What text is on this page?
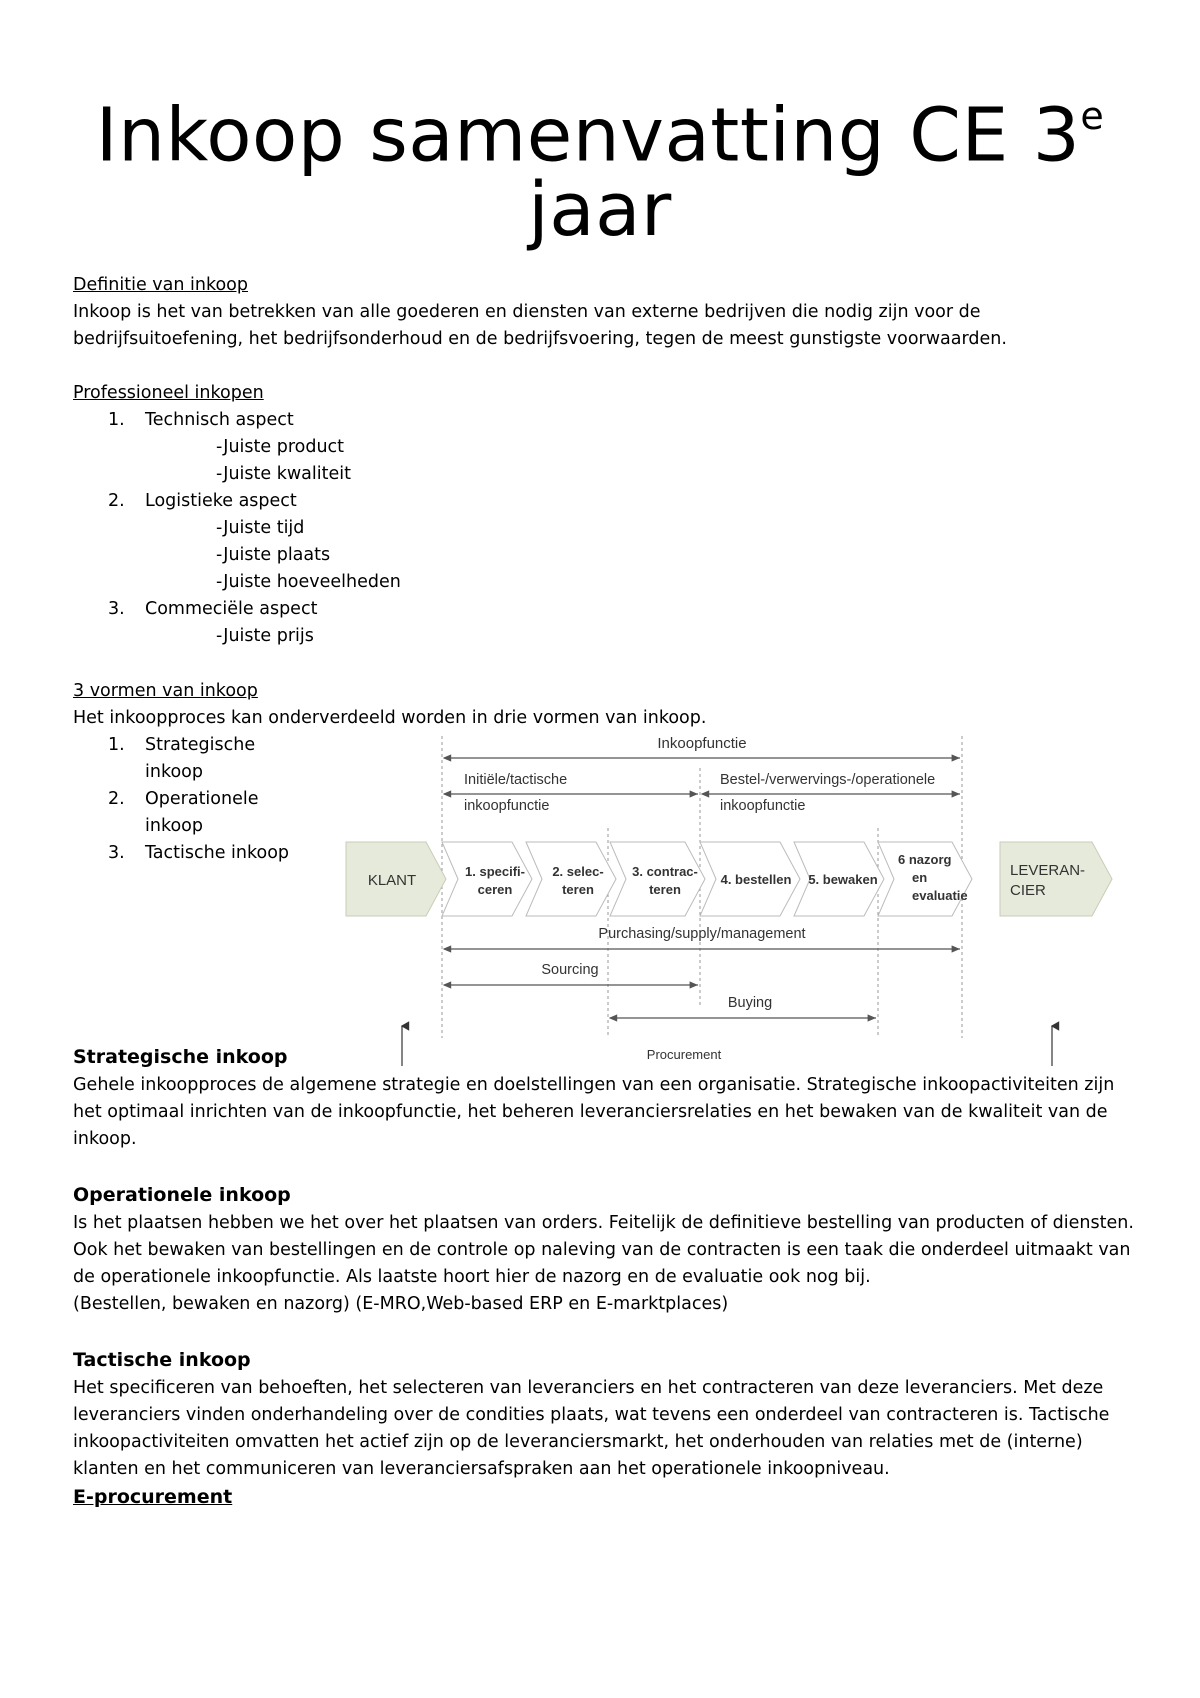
Inkoop samenvatting CE 3e
jaar
Definitie van inkoop
Inkoop is het van betrekken van alle goederen en diensten van externe bedrijven die nodig zijn voor de
bedrijfsuitoefening, het bedrijfsonderhoud en de bedrijfsvoering, tegen de meest gunstigste voorwaarden.
Professioneel inkopen
1. Technisch aspect
-Juiste product
-Juiste kwaliteit
2. Logistieke aspect
-Juiste tijd
-Juiste plaats
-Juiste hoeveelheden
3. Commeciële aspect
-Juiste prijs
3 vormen van inkoop
Het inkoopproces kan onderverdeeld worden in drie vormen van inkoop.
1. Strategische
inkoop
2. Operationele
inkoop
3. Tactische inkoop
Inkoopfunctie
Initiële/tactische
inkoopfunctie
Bestel-/verwervings-/operationele
inkoopfunctie
KLANT
1. specifi-
ceren
2. selec-
teren
3. contrac-
teren
4. bestellen 5. bewaken
6 nazorg
en
evaluatie
LEVERAN-
CIER
Purchasing/supply/management
Sourcing
Buying
Procurement
Strategische inkoop
Gehele inkoopproces de algemene strategie en doelstellingen van een organisatie. Strategische inkoopactiviteiten zijn
het optimaal inrichten van de inkoopfunctie, het beheren leveranciersrelaties en het bewaken van de kwaliteit van de
inkoop.
Operationele inkoop
Is het plaatsen hebben we het over het plaatsen van orders. Feitelijk de definitieve bestelling van producten of diensten.
Ook het bewaken van bestellingen en de controle op naleving van de contracten is een taak die onderdeel uitmaakt van
de operationele inkoopfunctie. Als laatste hoort hier de nazorg en de evaluatie ook nog bij.
(Bestellen, bewaken en nazorg) (E-MRO,Web-based ERP en E-marktplaces)
Tactische inkoop
Het specificeren van behoeften, het selecteren van leveranciers en het contracteren van deze leveranciers. Met deze
leveranciers vinden onderhandeling over de condities plaats, wat tevens een onderdeel van contracteren is. Tactische
inkoopactiviteiten omvatten het actief zijn op de leveranciersmarkt, het onderhouden van relaties met de (interne)
klanten en het communiceren van leveranciersafspraken aan het operationele inkoopniveau.
E-procurement
